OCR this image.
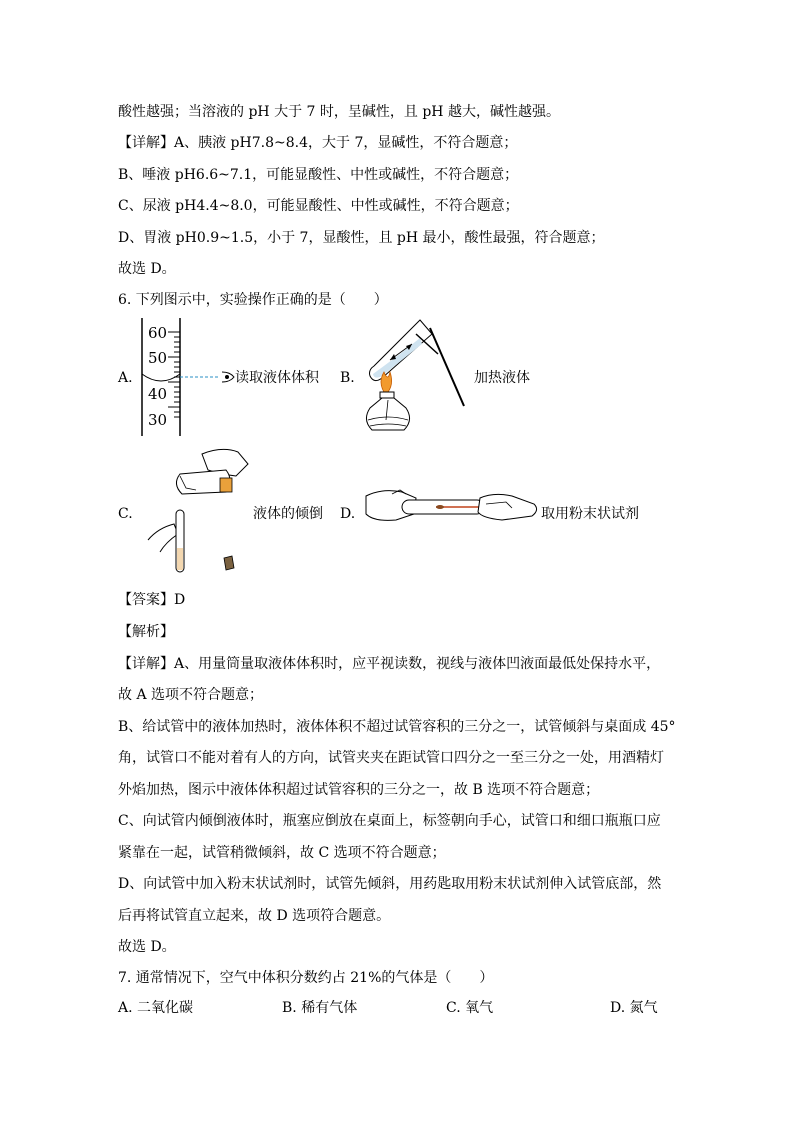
酸性越强；当溶液的 pH 大于 7 时，呈碱性，且 pH 越大，碱性越强。
【详解】A、胰液 pH7.8~8.4，大于 7，显碱性，不符合题意；
B、唾液 pH6.6~7.1，可能显酸性、中性或碱性，不符合题意；
C、尿液 pH4.4~8.0，可能显酸性、中性或碱性，不符合题意；
D、胃液 pH0.9~1.5，小于 7，显酸性，且 pH 最小，酸性最强，符合题意；
故选 D。
6. 下列图示中，实验操作正确的是（　　）
A.
60
50
40
30
读取液体体积 B.	加热液体
C.	液体的倾倒 D.	取用粉末状试剂
【答案】D
【解析】
【详解】A、用量筒量取液体体积时，应平视读数，视线与液体凹液面最低处保持水平，
故 A 选项不符合题意；
B、给试管中的液体加热时，液体体积不超过试管容积的三分之一，试管倾斜与桌面成 45°
角，试管口不能对着有人的方向，试管夹夹在距试管口四分之一至三分之一处，用酒精灯
外焰加热，图示中液体体积超过试管容积的三分之一，故 B 选项不符合题意；
C、向试管内倾倒液体时，瓶塞应倒放在桌面上，标签朝向手心，试管口和细口瓶瓶口应
紧靠在一起，试管稍微倾斜，故 C 选项不符合题意；
D、向试管中加入粉末状试剂时，试管先倾斜，用药匙取用粉末状试剂伸入试管底部，然
后再将试管直立起来，故 D 选项符合题意。
故选 D。
7. 通常情况下，空气中体积分数约占 21%的气体是（　　）
A. 二氧化碳	B. 稀有气体	C. 氧气	D. 氮气
